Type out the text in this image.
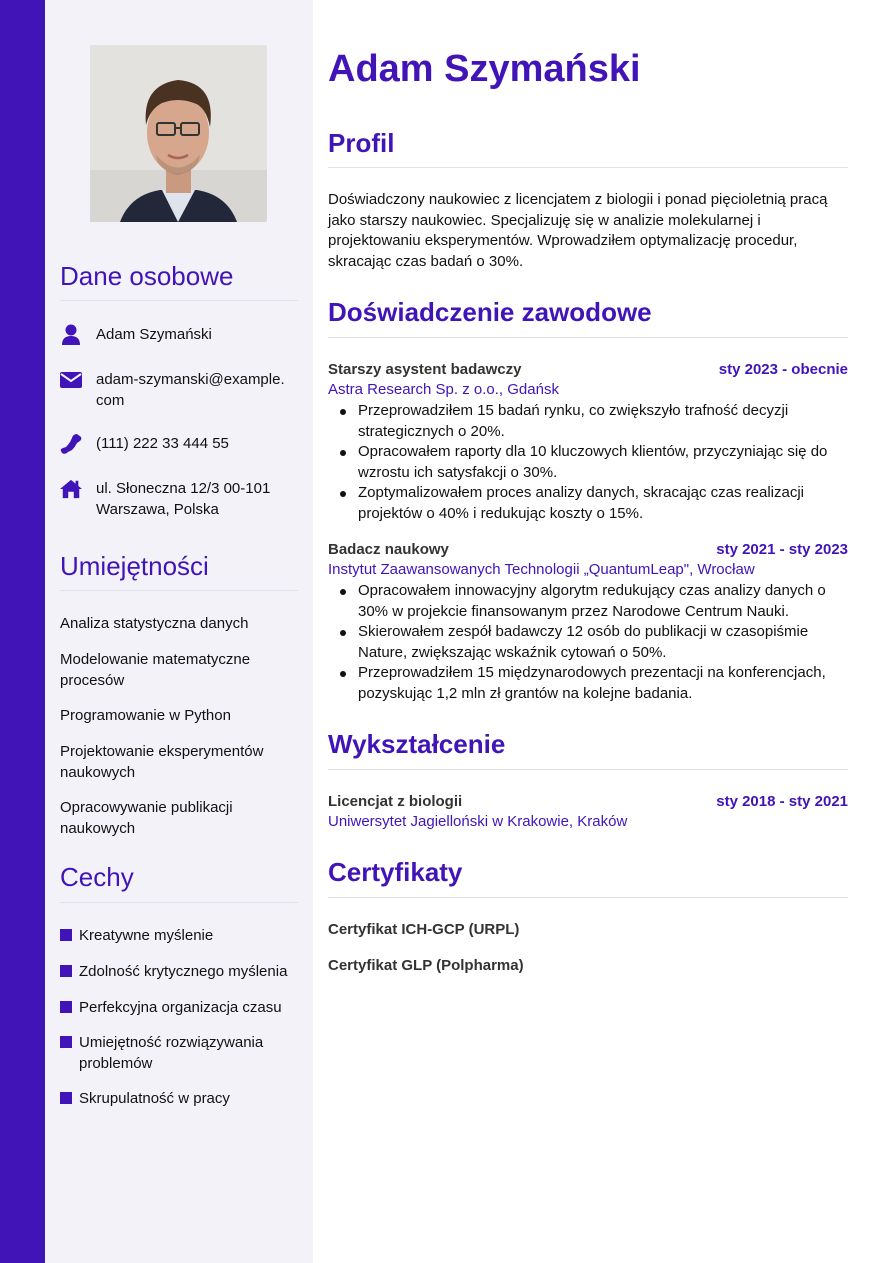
Dane osobowe
Adam Szymański
adam-szymanski@example.
com
(111) 222 33 444 55
ul. Słoneczna 12/3 00-101
Warszawa, Polska
Umiejętności
Analiza statystyczna danych
Modelowanie matematyczne procesów
Programowanie w Python
Projektowanie eksperymentów naukowych
Opracowywanie publikacji naukowych
Cechy
Kreatywne myślenie
Zdolność krytycznego myślenia
Perfekcyjna organizacja czasu
Umiejętność rozwiązywania problemów
Skrupulatność w pracy
Adam Szymański
Profil

Doświadczony naukowiec z licencjatem z biologii i ponad pięcioletnią pracą jako starszy naukowiec. Specjalizuję się w analizie molekularnej i projektowaniu eksperymentów. Wprowadziłem optymalizację procedur, skracając czas badań o 30%.

Doświadczenie zawodowe
Starszy asystent badawczy	sty 2023 - obecnie
Astra Research Sp. z o.o., Gdańsk
Przeprowadziłem 15 badań rynku, co zwiększyło trafność decyzji strategicznych o 20%.
Opracowałem raporty dla 10 kluczowych klientów, przyczyniając się do wzrostu ich satysfakcji o 30%.
Zoptymalizowałem proces analizy danych, skracając czas realizacji projektów o 40% i redukując koszty o 15%.
Badacz naukowy	sty 2021 - sty 2023
Instytut Zaawansowanych Technologii „QuantumLeap", Wrocław
Opracowałem innowacyjny algorytm redukujący czas analizy danych o 30% w projekcie finansowanym przez Narodowe Centrum Nauki.
Skierowałem zespół badawczy 12 osób do publikacji w czasopiśmie Nature, zwiększając wskaźnik cytowań o 50%.
Przeprowadziłem 15 międzynarodowych prezentacji na konferencjach, pozyskując 1,2 mln zł grantów na kolejne badania.
Wykształcenie
Licencjat z biologii	sty 2018 - sty 2021
Uniwersytet Jagielloński w Krakowie, Kraków
Certyfikaty
Certyfikat ICH-GCP (URPL)
Certyfikat GLP (Polpharma)
